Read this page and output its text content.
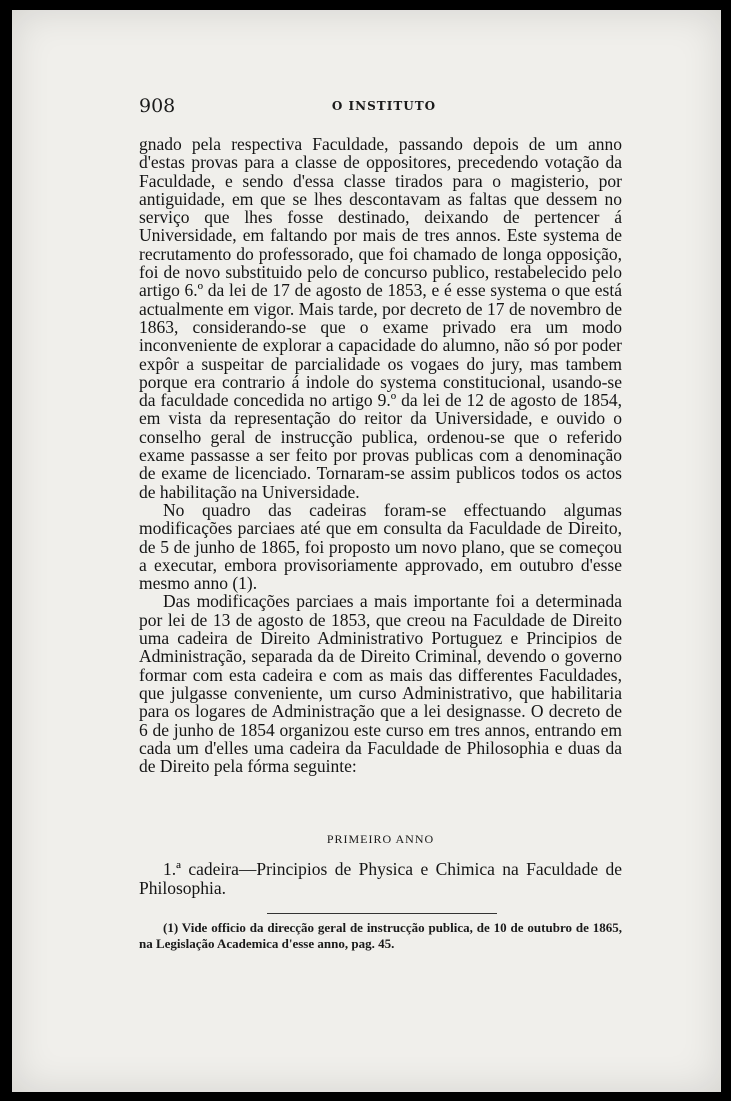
908	O INSTITUTO

gnado pela respectiva Faculdade, passando depois de um anno d'estas provas para a classe de oppositores, precedendo votação da Faculdade, e sendo d'essa classe tirados para o magisterio, por antiguidade, em que se lhes descontavam as faltas que dessem no serviço que lhes fosse destinado, deixando de pertencer á Universidade, em faltando por mais de tres annos. Este systema de recrutamento do professorado, que foi chamado de longa opposição, foi de novo substituido pelo de concurso publico, restabelecido pelo artigo 6.º da lei de 17 de agosto de 1853, e é esse systema o que está actualmente em vigor. Mais tarde, por decreto de 17 de novembro de 1863, considerando-se que o exame privado era um modo inconveniente de explorar a capacidade do alumno, não só por poder expôr a suspeitar de parcialidade os vogaes do jury, mas tambem porque era contrario á indole do systema constitucional, usando-se da faculdade concedida no artigo 9.º da lei de 12 de agosto de 1854, em vista da representação do reitor da Universidade, e ouvido o conselho geral de instrucção publica, ordenou-se que o referido exame passasse a ser feito por provas publicas com a denominação de exame de licenciado. Tornaram-se assim publicos todos os actos de habilitação na Universidade.

No quadro das cadeiras foram-se effectuando algumas modificações parciaes até que em consulta da Faculdade de Direito, de 5 de junho de 1865, foi proposto um novo plano, que se começou a executar, embora provisoriamente approvado, em outubro d'esse mesmo anno (1).

Das modificações parciaes a mais importante foi a determinada por lei de 13 de agosto de 1853, que creou na Faculdade de Direito uma cadeira de Direito Administrativo Portuguez e Principios de Administração, separada da de Direito Criminal, devendo o governo formar com esta cadeira e com as mais das differentes Faculdades, que julgasse conveniente, um curso Administrativo, que habilitaria para os logares de Administração que a lei designasse. O decreto de 6 de junho de 1854 organizou este curso em tres annos, entrando em cada um d'elles uma cadeira da Faculdade de Philosophia e duas da de Direito pela fórma seguinte:

PRIMEIRO ANNO
1.ª cadeira—Principios de Physica e Chimica na Faculdade de Philosophia.
(1) Vide officio da direcção geral de instrucção publica, de 10 de outubro de 1865, na Legislação Academica d'esse anno, pag. 45.
